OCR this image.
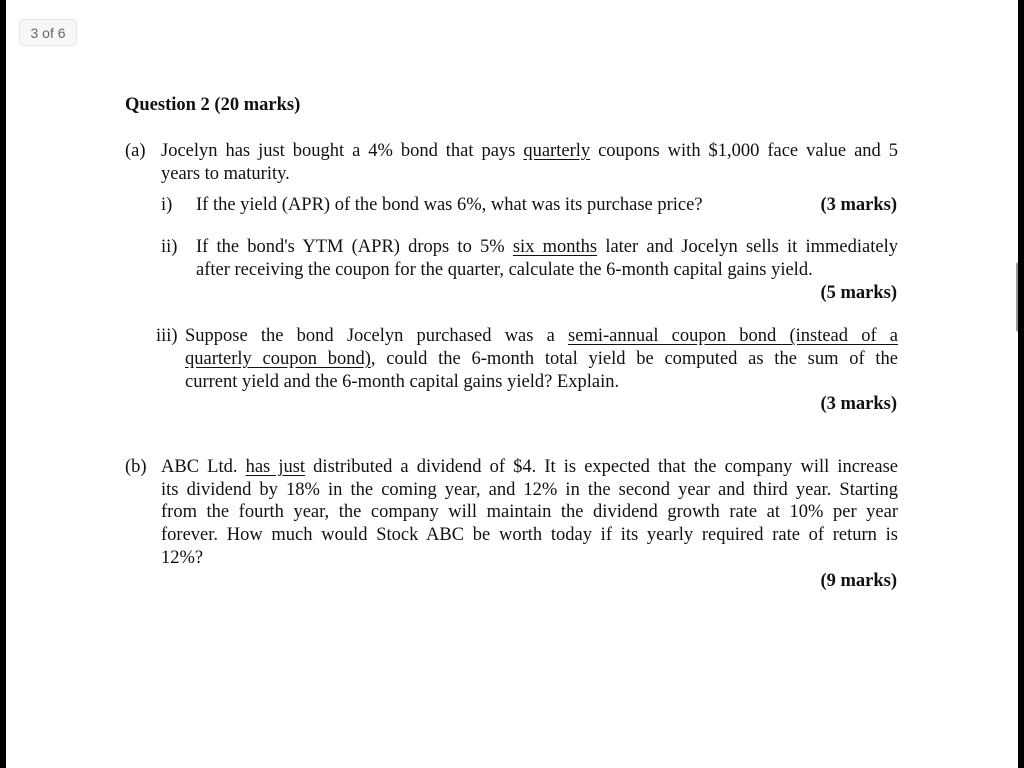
3 of 6
Question 2 (20 marks)
(a) Jocelyn has just bought a 4% bond that pays quarterly coupons with $1,000 face value and 5
years to maturity.
i) If the yield (APR) of the bond was 6%, what was its purchase price?	(3 marks)
ii) If the bond's YTM (APR) drops to 5% six months later and Jocelyn sells it immediately
after receiving the coupon for the quarter, calculate the 6-month capital gains yield.
(5 marks)
iii) Suppose the bond Jocelyn purchased was a semi-annual coupon bond (instead of a
quarterly coupon bond), could the 6-month total yield be computed as the sum of the
current yield and the 6-month capital gains yield? Explain.
(3 marks)
(b) ABC Ltd. has just distributed a dividend of $4. It is expected that the company will increase
its dividend by 18% in the coming year, and 12% in the second year and third year. Starting
from the fourth year, the company will maintain the dividend growth rate at 10% per year
forever. How much would Stock ABC be worth today if its yearly required rate of return is
12%?
(9 marks)
